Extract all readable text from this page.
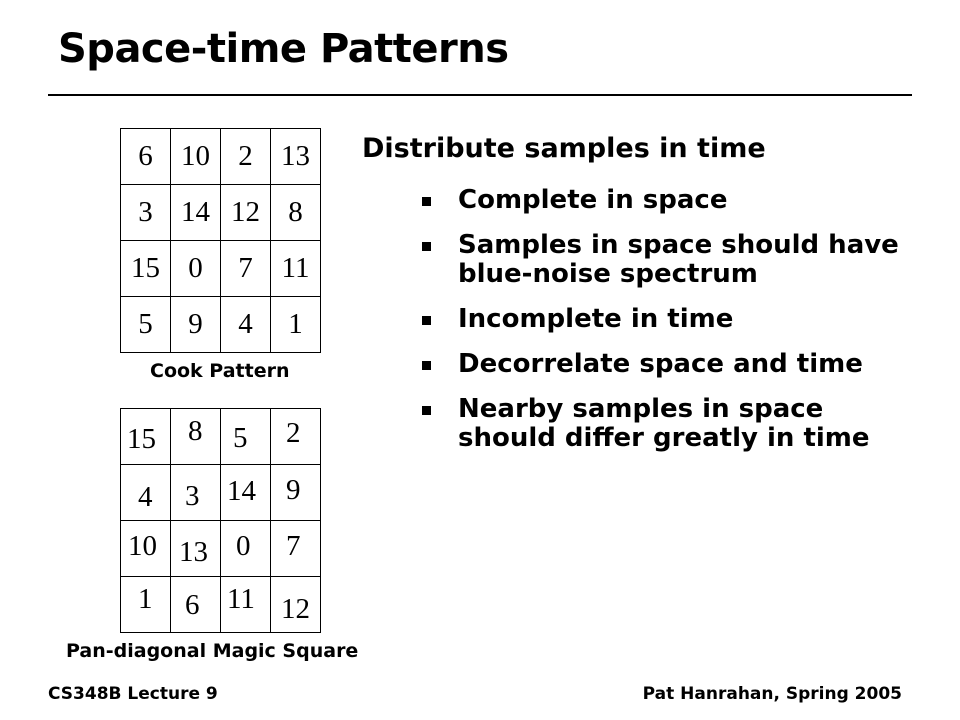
Space-time Patterns
6 10 2 13
3 14 12 8
15 0	7 11
5	9	4	1
Cook Pattern
15 8 5 2
4 3 14 9
10 13 0 7
1 6 11 12
Pan-diagonal Magic Square
Distribute samples in time
Complete in space
Samples in space should have blue-noise spectrum
Incomplete in time
Decorrelate space and time
Nearby samples in space should differ greatly in time
CS348B Lecture 9	Pat Hanrahan, Spring 2005
